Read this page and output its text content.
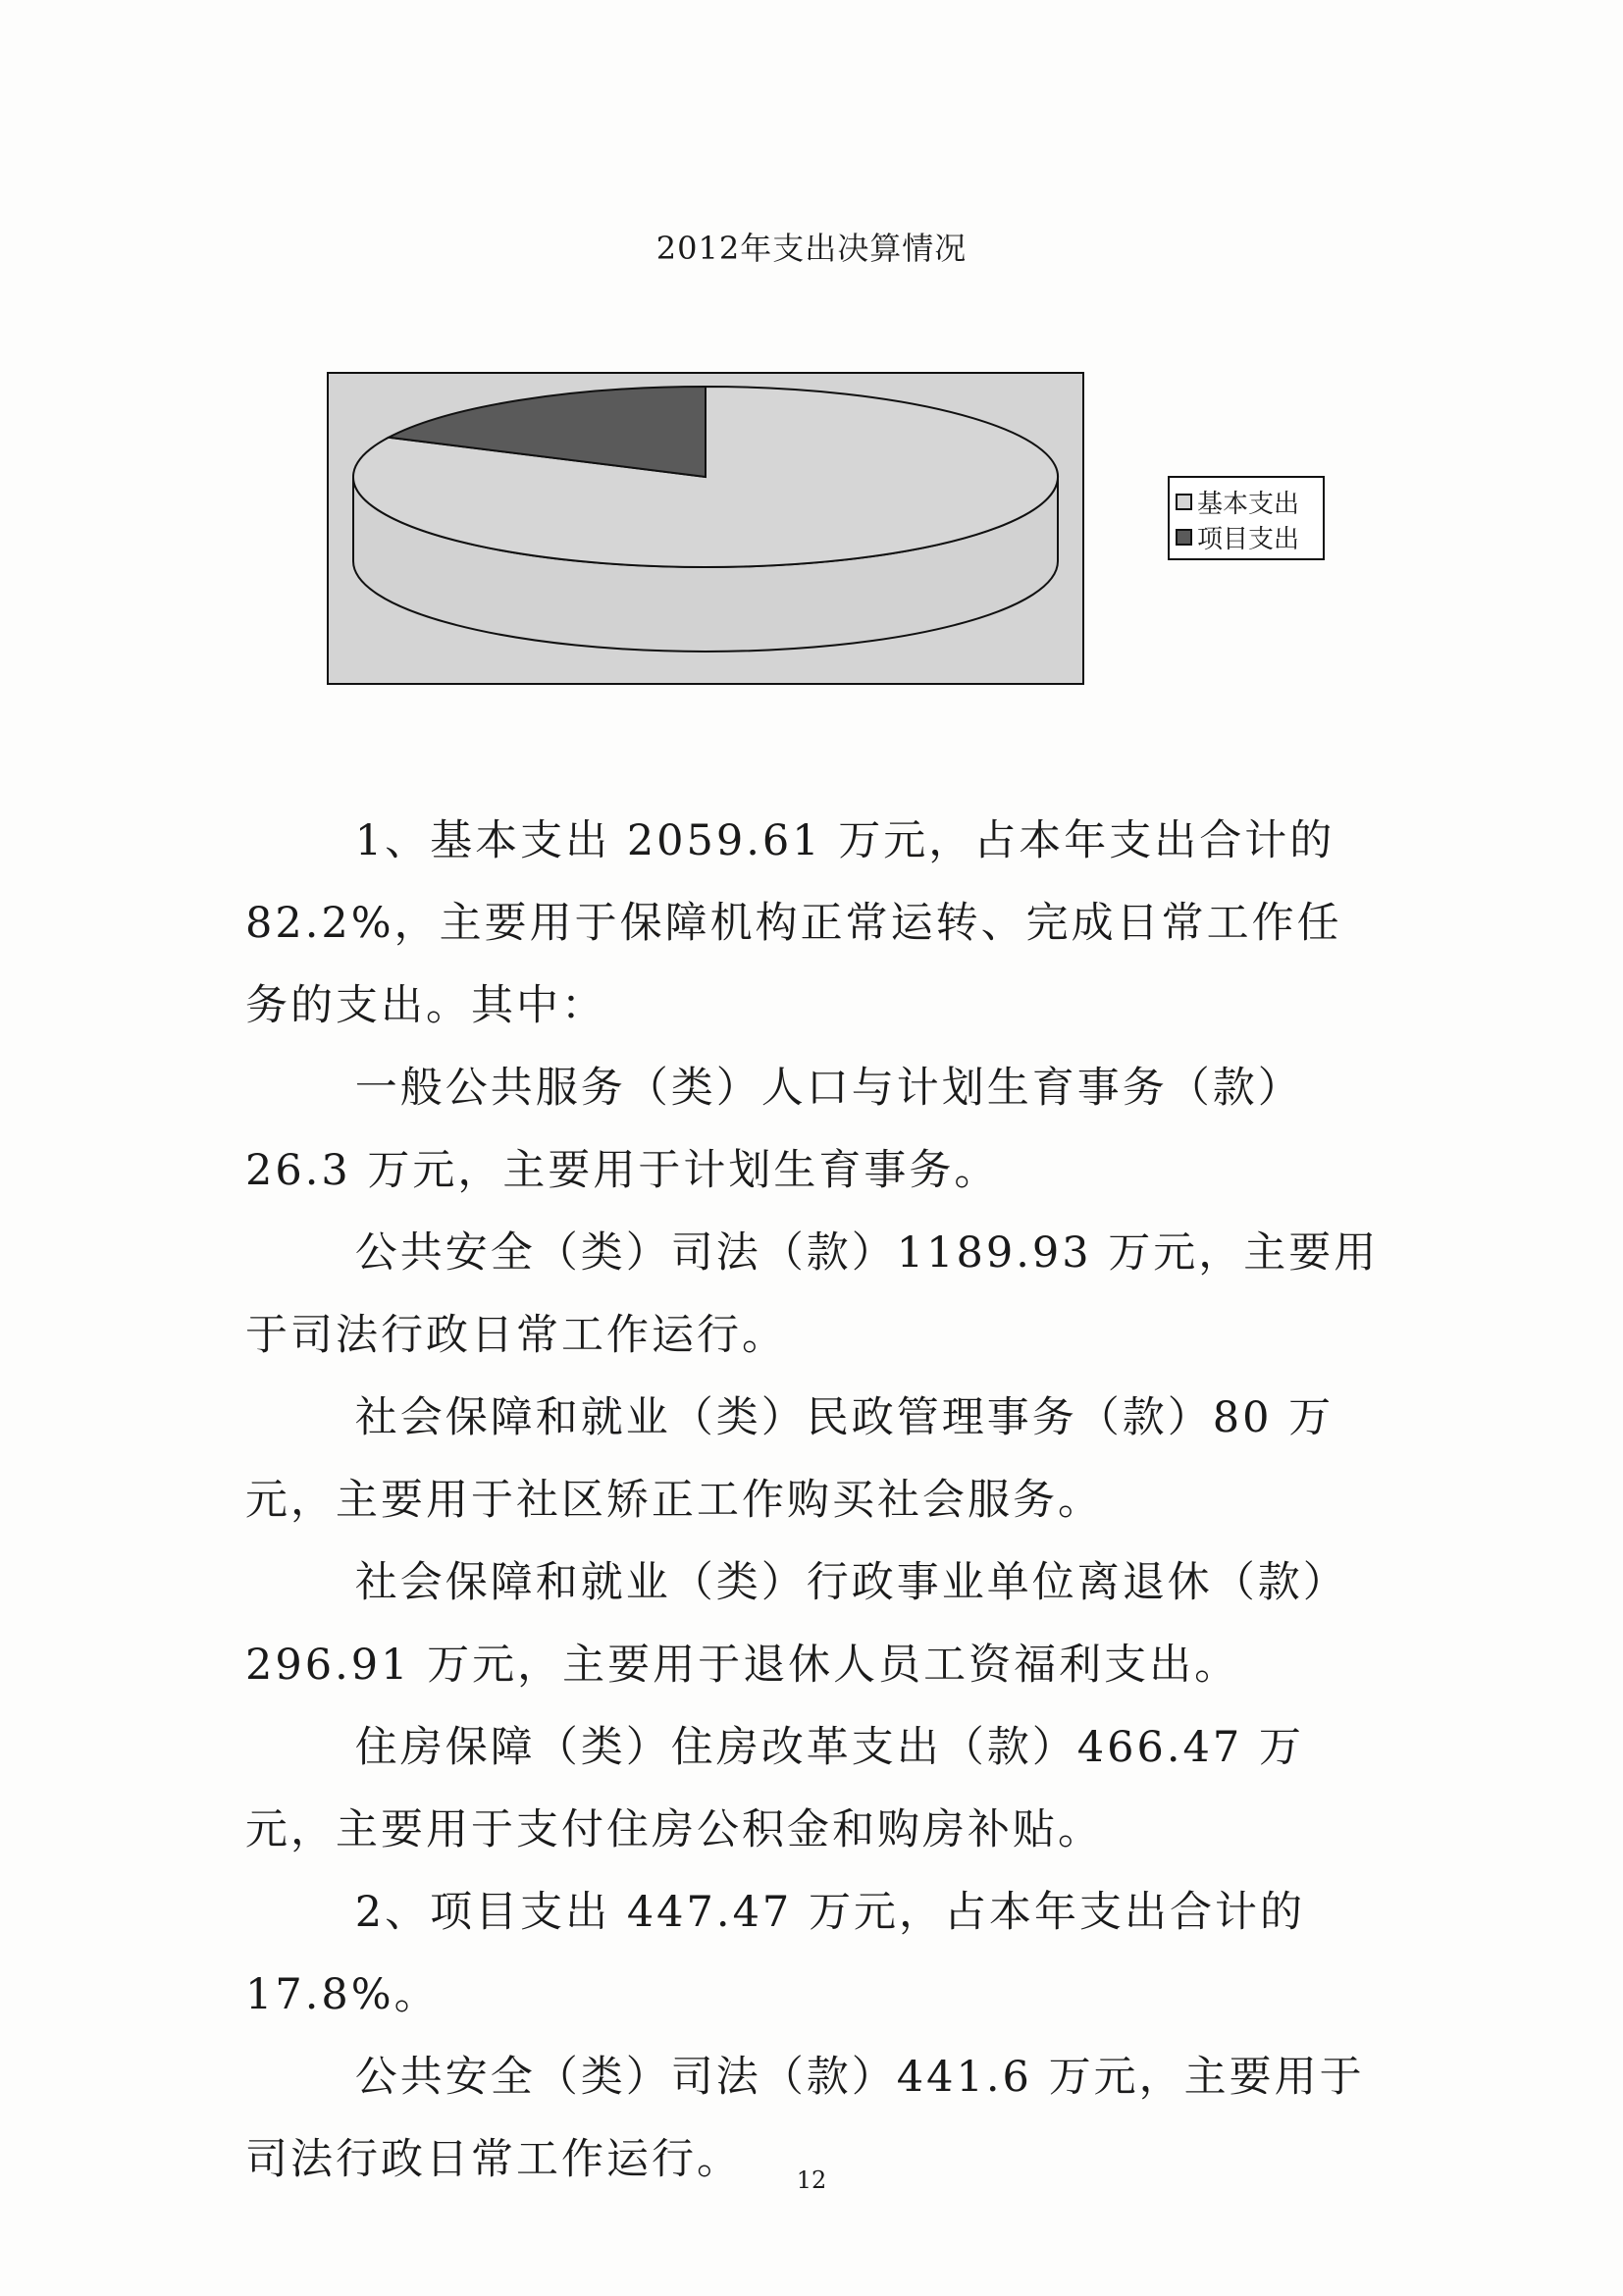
2012年支出决算情况
基本支出
项目支出

1、基本支出 2059.61 万元，占本年支出合计的 82.2%，主要用于保障机构正常运转、完成日常工作任务的支出。其中：

一般公共服务（类）人口与计划生育事务（款）26.3 万元，主要用于计划生育事务。

公共安全（类）司法（款）1189.93 万元，主要用于司法行政日常工作运行。

社会保障和就业（类）民政管理事务（款）80 万元，主要用于社区矫正工作购买社会服务。

社会保障和就业（类）行政事业单位离退休（款）296.91 万元，主要用于退休人员工资福利支出。

住房保障（类）住房改革支出（款）466.47 万元，主要用于支付住房公积金和购房补贴。

2、项目支出 447.47 万元，占本年支出合计的 17.8%。

公共安全（类）司法（款）441.6 万元，主要用于司法行政日常工作运行。	12
